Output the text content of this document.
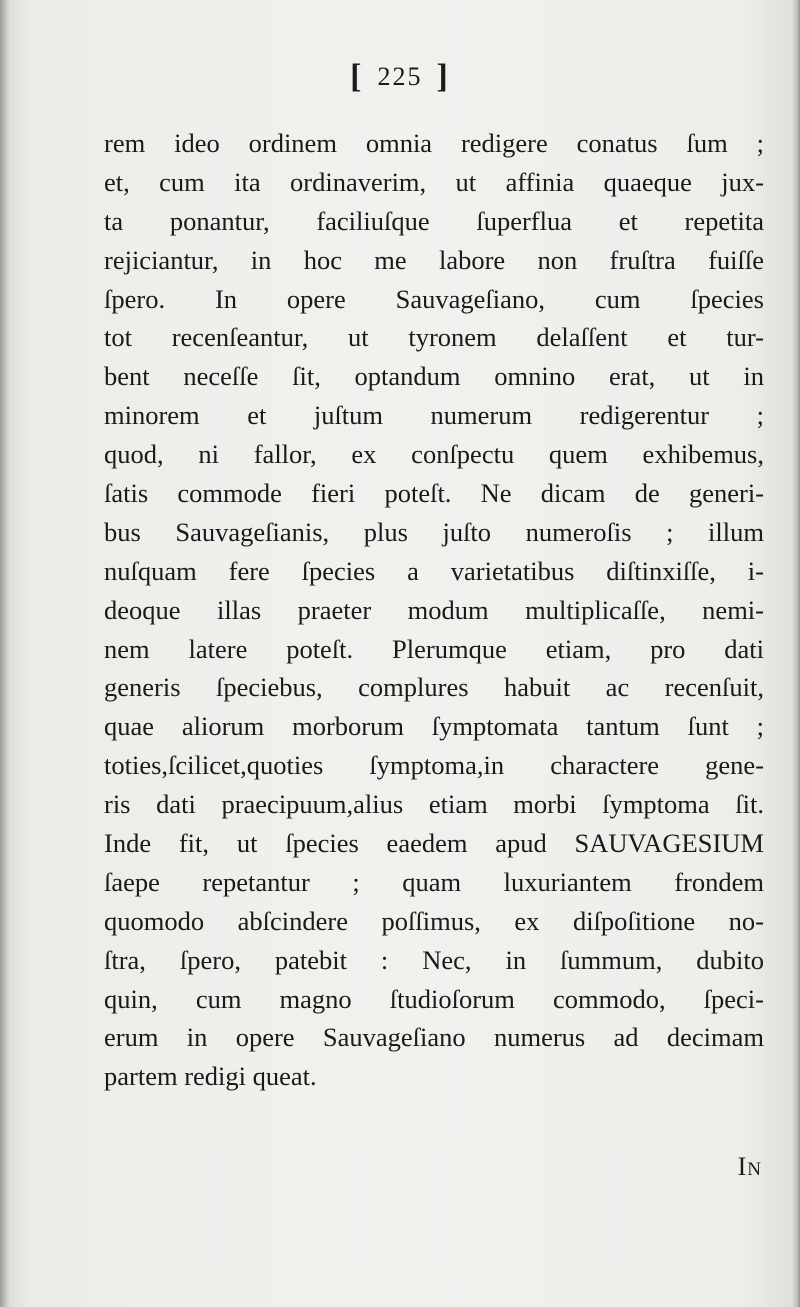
[ 225 ]
rem ideo ordinem omnia redigere conatus ſum ;
et, cum ita ordinaverim, ut affinia quaeque jux-
ta ponantur, faciliuſque ſuperflua et repetita
rejiciantur, in hoc me labore non fruſtra fuiſſe
ſpero. In opere Sauvageſiano, cum ſpecies
tot recenſeantur, ut tyronem delaſſent et tur-
bent neceſſe ſit, optandum omnino erat, ut in
minorem et juſtum numerum redigerentur ;
quod, ni fallor, ex conſpectu quem exhibemus,
ſatis commode fieri poteſt. Ne dicam de generi-
bus Sauvageſianis, plus juſto numeroſis ; illum
nuſquam fere ſpecies a varietatibus diſtinxiſſe, i-
deoque illas praeter modum multiplicaſſe, nemi-
nem latere poteſt. Plerumque etiam, pro dati
generis ſpeciebus, complures habuit ac recenſuit,
quae aliorum morborum ſymptomata tantum ſunt ;
toties,ſcilicet,quoties ſymptoma,in charactere gene-
ris dati praecipuum,alius etiam morbi ſymptoma ſit.
Inde fit, ut ſpecies eaedem apud SAUVAGESIUM
ſaepe repetantur ; quam luxuriantem frondem
quomodo abſcindere poſſimus, ex diſpoſitione no-
ſtra, ſpero, patebit : Nec, in ſummum, dubito
quin, cum magno ſtudioſorum commodo, ſpeci-
erum in opere Sauvageſiano numerus ad decimam
partem redigi queat.
IN
